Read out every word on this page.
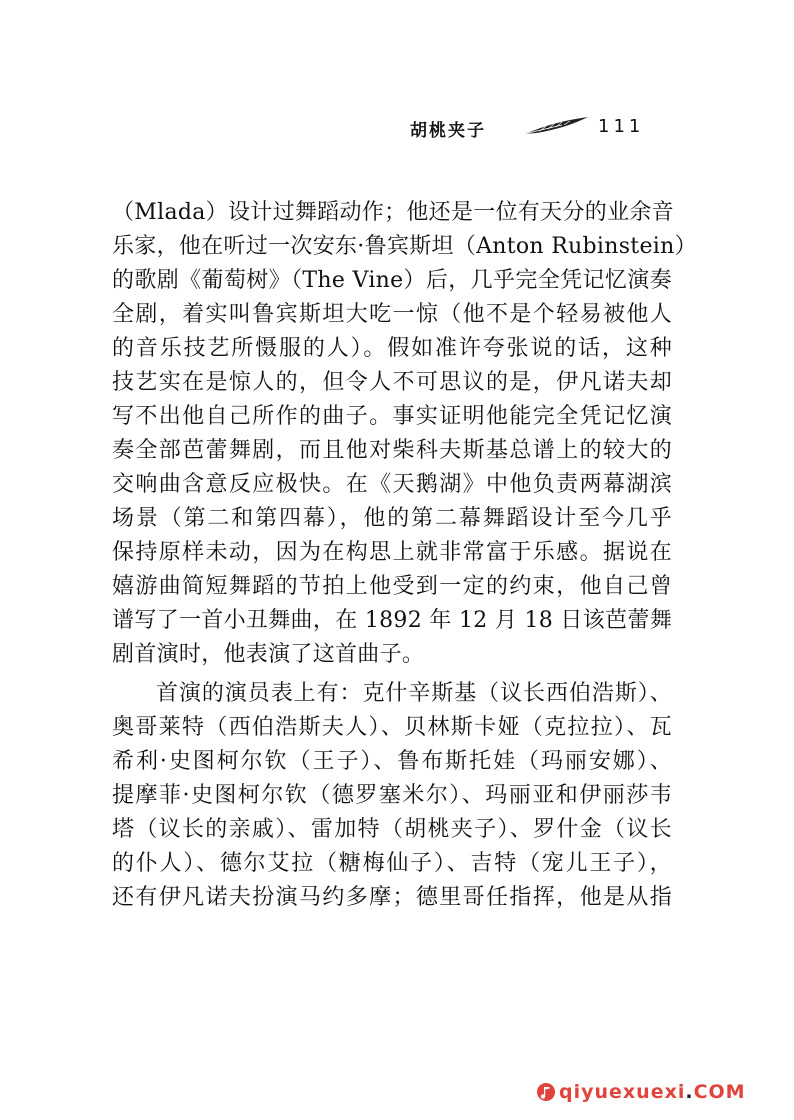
胡桃夹子	111
（Mlada）设计过舞蹈动作；他还是一位有天分的业余音
乐家，他在听过一次安东·鲁宾斯坦（Anton Rubinstein）
的歌剧《葡萄树》（The Vine）后，几乎完全凭记忆演奏
全剧，着实叫鲁宾斯坦大吃一惊（他不是个轻易被他人
的音乐技艺所慑服的人）。假如准许夸张说的话，这种
技艺实在是惊人的，但令人不可思议的是，伊凡诺夫却
写不出他自己所作的曲子。事实证明他能完全凭记忆演
奏全部芭蕾舞剧，而且他对柴科夫斯基总谱上的较大的
交响曲含意反应极快。在《天鹅湖》中他负责两幕湖滨
场景（第二和第四幕），他的第二幕舞蹈设计至今几乎
保持原样未动，因为在构思上就非常富于乐感。据说在
嬉游曲简短舞蹈的节拍上他受到一定的约束，他自己曾
谱写了一首小丑舞曲，在 1892 年 12 月 18 日该芭蕾舞
剧首演时，他表演了这首曲子。
首演的演员表上有：克什辛斯基（议长西伯浩斯）、
奥哥莱特（西伯浩斯夫人）、贝林斯卡娅（克拉拉）、瓦
希利·史图柯尔钦（王子）、鲁布斯托娃（玛丽安娜）、
提摩菲·史图柯尔钦（德罗塞米尔）、玛丽亚和伊丽莎韦
塔（议长的亲戚）、雷加特（胡桃夹子）、罗什金（议长
的仆人）、德尔艾拉（糖梅仙子）、吉特（宠儿王子），
还有伊凡诺夫扮演马约多摩；德里哥任指挥，他是从指
qiyuexuexi.COM
